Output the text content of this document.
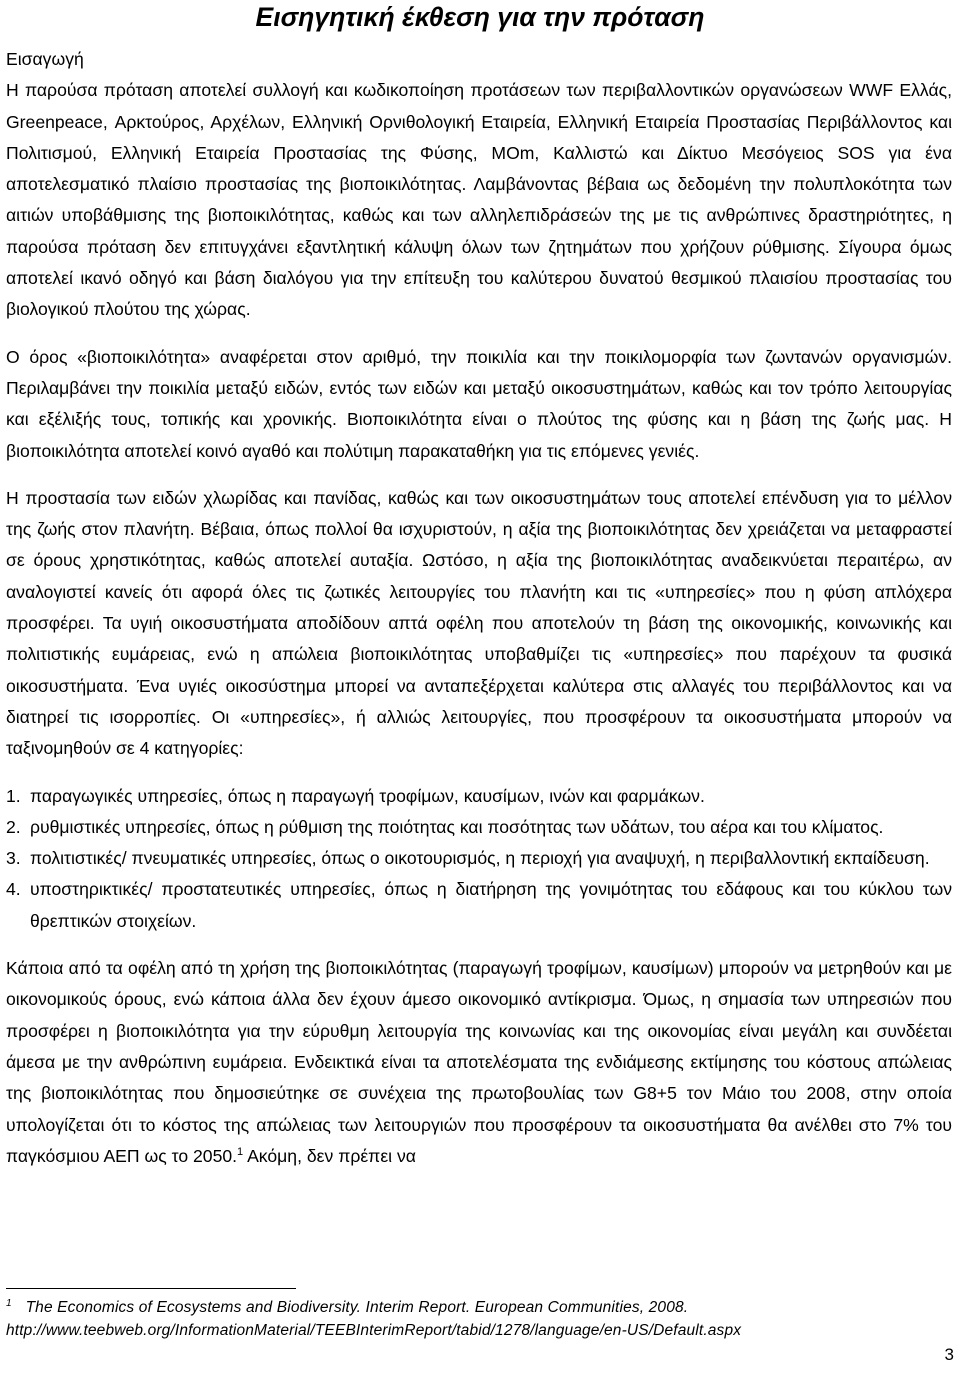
Εισηγητική έκθεση για την πρόταση
Εισαγωγή

Η παρούσα πρόταση αποτελεί συλλογή και κωδικοποίηση προτάσεων των περιβαλλοντικών οργανώσεων WWF Ελλάς, Greenpeace, Αρκτούρος, Αρχέλων, Ελληνική Ορνιθολογική Εταιρεία, Ελληνική Εταιρεία Προστασίας Περιβάλλοντος και Πολιτισμού, Ελληνική Εταιρεία Προστασίας της Φύσης, MOm, Καλλιστώ και Δίκτυο Μεσόγειος SOS για ένα αποτελεσματικό πλαίσιο προστασίας της βιοποικιλότητας. Λαμβάνοντας βέβαια ως δεδομένη την πολυπλοκότητα των αιτιών υποβάθμισης της βιοποικιλότητας, καθώς και των αλληλεπιδράσεών της με τις ανθρώπινες δραστηριότητες, η παρούσα πρόταση δεν επιτυγχάνει εξαντλητική κάλυψη όλων των ζητημάτων που χρήζουν ρύθμισης. Σίγουρα όμως αποτελεί ικανό οδηγό και βάση διαλόγου για την επίτευξη του καλύτερου δυνατού θεσμικού πλαισίου προστασίας του βιολογικού πλούτου της χώρας.

Ο όρος «βιοποικιλότητα» αναφέρεται στον αριθμό, την ποικιλία και την ποικιλομορφία των ζωντανών οργανισμών. Περιλαμβάνει την ποικιλία μεταξύ ειδών, εντός των ειδών και μεταξύ οικοσυστημάτων, καθώς και τον τρόπο λειτουργίας και εξέλιξής τους, τοπικής και χρονικής. Βιοποικιλότητα είναι ο πλούτος της φύσης και η βάση της ζωής μας. Η βιοποικιλότητα αποτελεί κοινό αγαθό και πολύτιμη παρακαταθήκη για τις επόμενες γενιές.

Η προστασία των ειδών χλωρίδας και πανίδας, καθώς και των οικοσυστημάτων τους αποτελεί επένδυση για το μέλλον της ζωής στον πλανήτη. Βέβαια, όπως πολλοί θα ισχυριστούν, η αξία της βιοποικιλότητας δεν χρειάζεται να μεταφραστεί σε όρους χρηστικότητας, καθώς αποτελεί αυταξία. Ωστόσο, η αξία της βιοποικιλότητας αναδεικνύεται περαιτέρω, αν αναλογιστεί κανείς ότι αφορά όλες τις ζωτικές λειτουργίες του πλανήτη και τις «υπηρεσίες» που η φύση απλόχερα προσφέρει. Τα υγιή οικοσυστήματα αποδίδουν απτά οφέλη που αποτελούν τη βάση της οικονομικής, κοινωνικής και πολιτιστικής ευμάρειας, ενώ η απώλεια βιοποικιλότητας υποβαθμίζει τις «υπηρεσίες» που παρέχουν τα φυσικά οικοσυστήματα. Ένα υγιές οικοσύστημα μπορεί να ανταπεξέρχεται καλύτερα στις αλλαγές του περιβάλλοντος και να διατηρεί τις ισορροπίες. Οι «υπηρεσίες», ή αλλιώς λειτουργίες, που προσφέρουν τα οικοσυστήματα μπορούν να ταξινομηθούν σε 4 κατηγορίες:

1. παραγωγικές υπηρεσίες, όπως η παραγωγή τροφίμων, καυσίμων, ινών και φαρμάκων.
2. ρυθμιστικές υπηρεσίες, όπως η ρύθμιση της ποιότητας και ποσότητας των υδάτων, του αέρα και του κλίματος.
3. πολιτιστικές/ πνευματικές υπηρεσίες, όπως ο οικοτουρισμός, η περιοχή για αναψυχή, η περιβαλλοντική εκπαίδευση.
4. υποστηρικτικές/ προστατευτικές υπηρεσίες, όπως η διατήρηση της γονιμότητας του εδάφους και του κύκλου των θρεπτικών στοιχείων.

Κάποια από τα οφέλη από τη χρήση της βιοποικιλότητας (παραγωγή τροφίμων, καυσίμων) μπορούν να μετρηθούν και με οικονομικούς όρους, ενώ κάποια άλλα δεν έχουν άμεσο οικονομικό αντίκρισμα. Όμως, η σημασία των υπηρεσιών που προσφέρει η βιοποικιλότητα για την εύρυθμη λειτουργία της κοινωνίας και της οικονομίας είναι μεγάλη και συνδέεται άμεσα με την ανθρώπινη ευμάρεια. Ενδεικτικά είναι τα αποτελέσματα της ενδιάμεσης εκτίμησης του κόστους απώλειας της βιοποικιλότητας που δημοσιεύτηκε σε συνέχεια της πρωτοβουλίας των G8+5 τον Μάιο του 2008, στην οποία υπολογίζεται ότι το κόστος της απώλειας των λειτουργιών που προσφέρουν τα οικοσυστήματα θα ανέλθει στο 7% του παγκόσμιου ΑΕΠ ως το 2050.$^1$ Ακόμη, δεν πρέπει να

$^1$ The Economics of Ecosystems and Biodiversity. Interim Report. European Communities, 2008. http://www.teebweb.org/InformationMaterial/TEEBInterimReport/tabid/1278/language/en-US/Default.aspx
3
